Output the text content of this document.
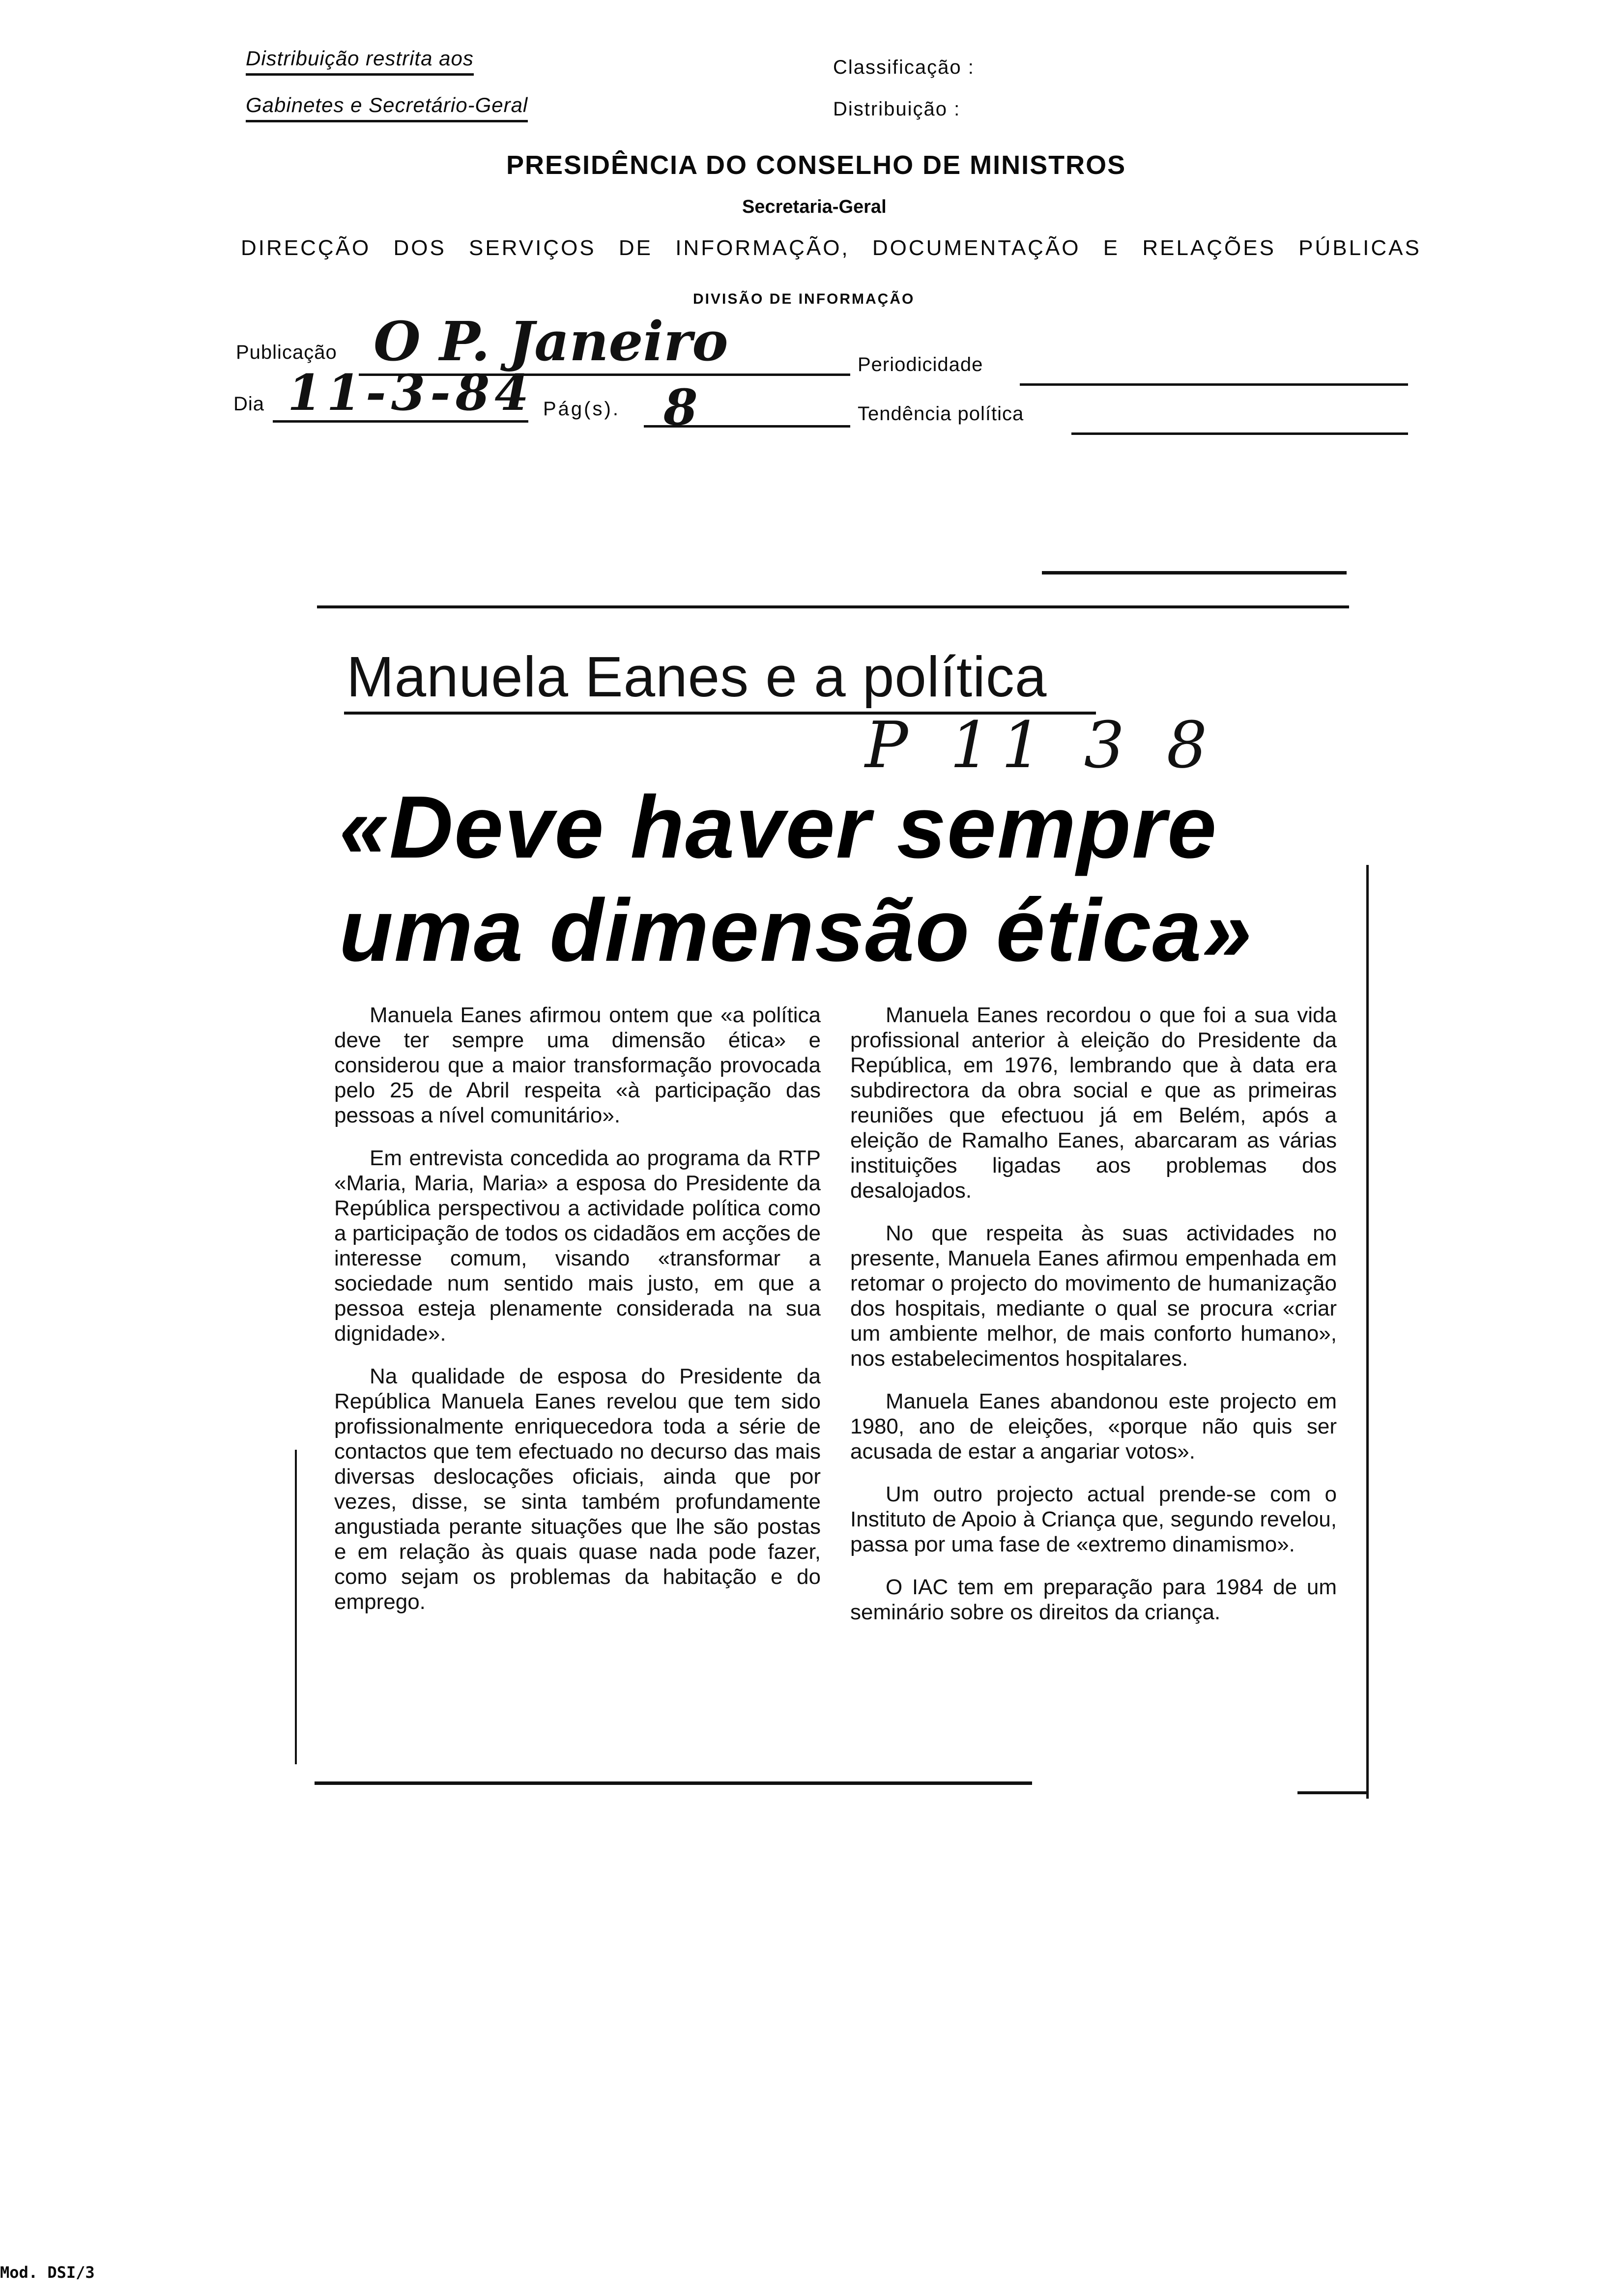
Distribuição restrita aos
Gabinetes e Secretário-Geral
Classificação :
Distribuição :
PRESIDÊNCIA DO CONSELHO DE MINISTROS
Secretaria-Geral
DIRECÇÃO DOS SERVIÇOS DE INFORMAÇÃO, DOCUMENTAÇÃO E RELAÇÕES PÚBLICAS
DIVISÃO DE INFORMAÇÃO
Publicação O P. Janeiro	Periodicidade
Dia 11-3-84 Pág(s). 8	Tendência política
Manuela Eanes e a política
P 11 3 8
«Deve haver sempre
uma dimensão ética»

Manuela Eanes afirmou ontem que «a política deve ter sempre uma dimensão ética» e considerou que a maior transformação provocada pelo 25 de Abril respeita «à participação das pessoas a nível comunitário».

Em entrevista concedida ao programa da RTP «Maria, Maria, Maria» a esposa do Presidente da República perspectivou a actividade política como a participação de todos os cidadãos em acções de interesse comum, visando «transformar a sociedade num sentido mais justo, em que a pessoa esteja plenamente considerada na sua dignidade».

Na qualidade de esposa do Presidente da República Manuela Eanes revelou que tem sido profissionalmente enriquecedora toda a série de contactos que tem efectuado no decurso das mais diversas deslocações oficiais, ainda que por vezes, disse, se sinta também profundamente angustiada perante situações que lhe são postas e em relação às quais quase nada pode fazer, como sejam os problemas da habitação e do emprego.

Manuela Eanes recordou o que foi a sua vida profissional anterior à eleição do Presidente da República, em 1976, lembrando que à data era subdirectora da obra social e que as primeiras reuniões que efectuou já em Belém, após a eleição de Ramalho Eanes, abarcaram as várias instituições ligadas aos problemas dos desalojados.

No que respeita às suas actividades no presente, Manuela Eanes afirmou empenhada em retomar o projecto do movimento de humanização dos hospitais, mediante o qual se procura «criar um ambiente melhor, de mais conforto humano», nos estabelecimentos hospitalares.

Manuela Eanes abandonou este projecto em 1980, ano de eleições, «porque não quis ser acusada de estar a angariar votos».

Um outro projecto actual prende-se com o Instituto de Apoio à Criança que, segundo revelou, passa por uma fase de «extremo dinamismo».

O IAC tem em preparação para 1984 de um seminário sobre os direitos da criança.

Mod. DSI/3
